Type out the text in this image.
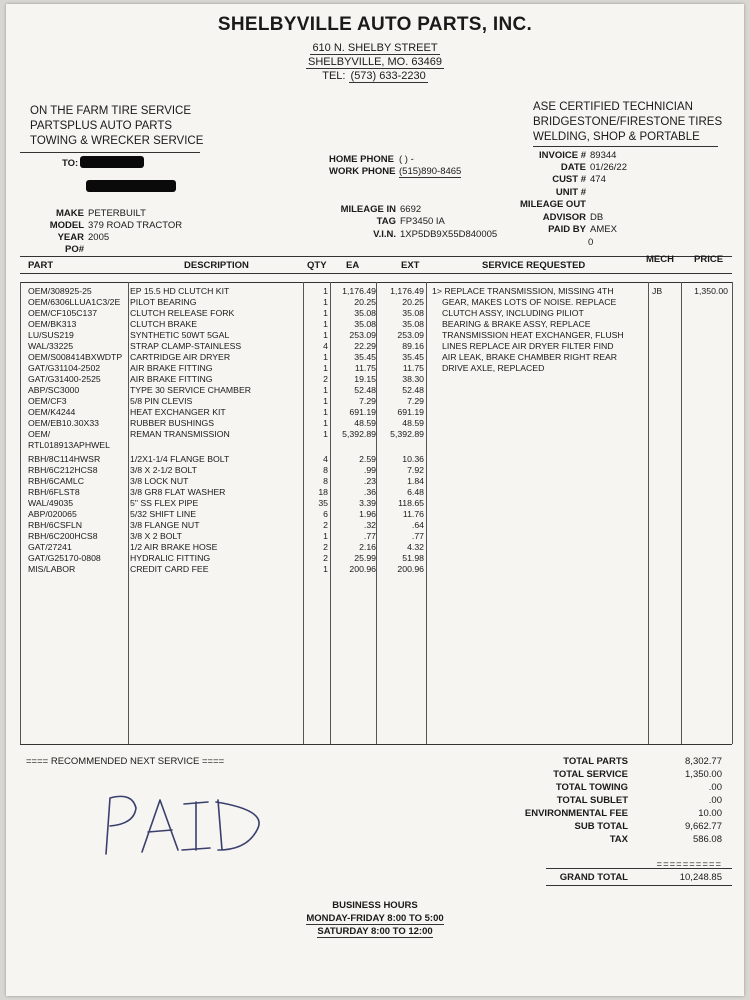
SHELBYVILLE AUTO PARTS, INC.
610 N. SHELBY STREET
SHELBYVILLE, MO. 63469
TEL: (573) 633-2230
ON THE FARM TIRE SERVICE
PARTSPLUS AUTO PARTS
TOWING & WRECKER SERVICE
ASE CERTIFIED TECHNICIAN
BRIDGESTONE/FIRESTONE TIRES
WELDING, SHOP & PORTABLE
TO:	HOME PHONE ( ) -
WORK PHONE (515)890-8465
INVOICE # 89344
DATE 01/26/22
CUST # 474
UNIT #
MILEAGE OUT
ADVISOR DB
PAID BY AMEX
0
MAKE PETERBUILT
MODEL 379 ROAD TRACTOR
YEAR 2005
PO#
MILEAGE IN 6692
TAG FP3450 IA
V.I.N. 1XP5DB9X55D840005
PART	DESCRIPTION	QTY EA	EXT	SERVICE REQUESTED
MECH PRICE
OEM/308925-25	EP 15.5 HD CLUTCH KIT	1	1,176.49	1,176.49
OEM/6306LLUA1C3/2E PILOT BEARING	1	20.25	20.25
OEM/CF105C137	CLUTCH RELEASE FORK	1	35.08	35.08
OEM/BK313	CLUTCH BRAKE	1	35.08	35.08
LU/SUS219	SYNTHETIC 50WT 5GAL	1	253.09	253.09
WAL/33225	STRAP CLAMP-STAINLESS	4	22.29	89.16
OEM/S008414BXWDTP CARTRIDGE AIR DRYER	1	35.45	35.45
GAT/G31104-2502	AIR BRAKE FITTING	1	11.75	11.75
GAT/G31400-2525	AIR BRAKE FITTING	2	19.15	38.30
ABP/SC3000	TYPE 30 SERVICE CHAMBER	1	52.48	52.48
OEM/CF3	5/8 PIN CLEVIS	1	7.29	7.29
OEM/K4244	HEAT EXCHANGER KIT	1	691.19	691.19
OEM/EB10.30X33	RUBBER BUSHINGS	1	48.59	48.59
OEM/	REMAN TRANSMISSION	1	5,392.89	5,392.89
RTL018913APHWEL
RBH/8C114HWSR	1/2X1-1/4 FLANGE BOLT	4	2.59	10.36
RBH/6C212HCS8	3/8 X 2-1/2 BOLT	8	.99	7.92
RBH/6CAMLC	3/8 LOCK NUT	8	.23	1.84
RBH/6FLST8	3/8 GR8 FLAT WASHER	18	.36	6.48
WAL/49035	5" SS FLEX PIPE	35	3.39	118.65
ABP/020065	5/32 SHIFT LINE	6	1.96	11.76
RBH/6CSFLN	3/8 FLANGE NUT	2	.32	.64
RBH/6C200HCS8	3/8 X 2 BOLT	1	.77	.77
GAT/27241	1/2 AIR BRAKE HOSE	2	2.16	4.32
GAT/G25170-0808	HYDRALIC FITTING	2	25.99	51.98
MIS/LABOR	CREDIT CARD FEE	1	200.96	200.96
1> REPLACE TRANSMISSION, MISSING 4TH
GEAR, MAKES LOTS OF NOISE. REPLACE
CLUTCH ASSY, INCLUDING PILIOT
BEARING & BRAKE ASSY, REPLACE
TRANSMISSION HEAT EXCHANGER, FLUSH
LINES REPLACE AIR DRYER FILTER FIND
AIR LEAK, BRAKE CHAMBER RIGHT REAR
DRIVE AXLE, REPLACED
JB	1,350.00
==== RECOMMENDED NEXT SERVICE ====	TOTAL PARTS	8,302.77
TOTAL SERVICE	1,350.00
TOTAL TOWING	.00
TOTAL SUBLET	.00
ENVIRONMENTAL FEE	10.00
SUB TOTAL	9,662.77
TAX	586.08
==========
GRAND TOTAL	10,248.85
BUSINESS HOURS
MONDAY-FRIDAY 8:00 TO 5:00
SATURDAY 8:00 TO 12:00
